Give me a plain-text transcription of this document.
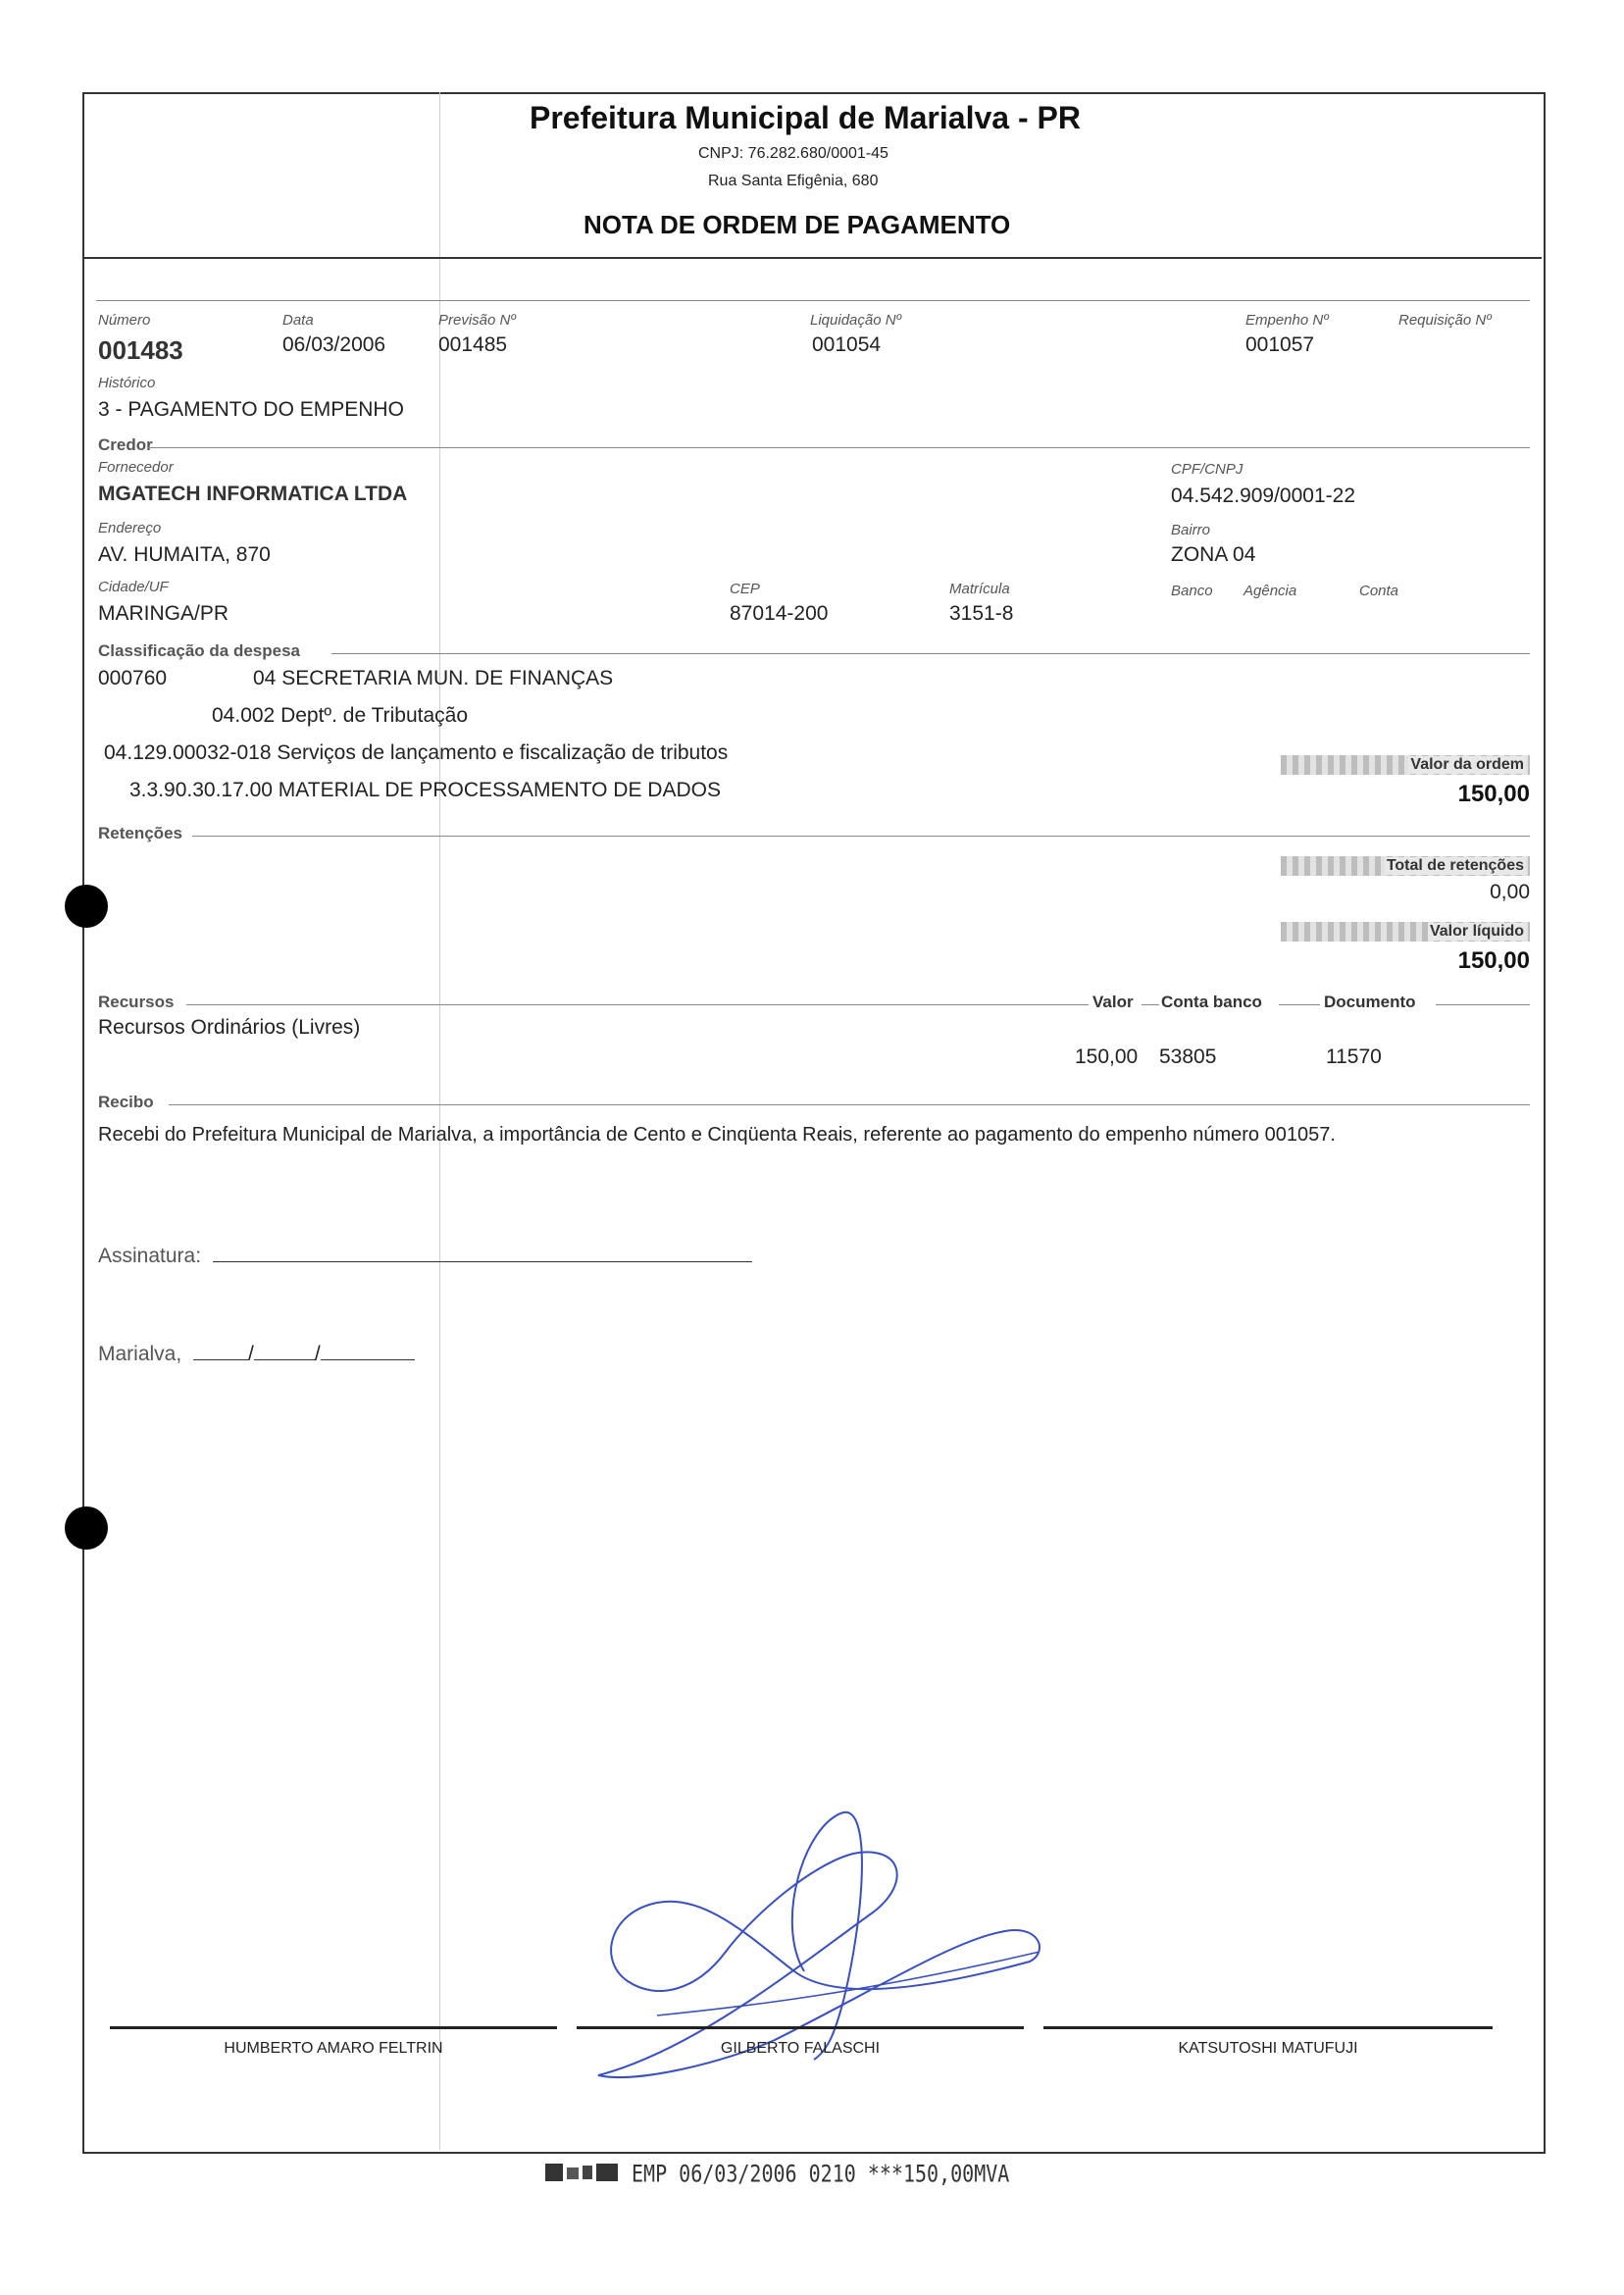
Prefeitura Municipal de Marialva - PR
CNPJ: 76.282.680/0001-45
Rua Santa Efigênia, 680
NOTA DE ORDEM DE PAGAMENTO
Número
001483
Data
06/03/2006
Previsão Nº
001485
Liquidação Nº
001054
Empenho Nº
001057
Requisição Nº
Histórico
3 - PAGAMENTO DO EMPENHO
Credor
Fornecedor
MGATECH INFORMATICA LTDA
CPF/CNPJ
04.542.909/0001-22
Endereço
AV. HUMAITA, 870
Bairro
ZONA 04
Cidade/UF
MARINGA/PR
CEP
87014-200
Matrícula
3151-8
Banco Agência	Conta
Classificação da despesa
000760	04 SECRETARIA MUN. DE FINANÇAS
04.002 Deptº. de Tributação
04.129.00032-018 Serviços de lançamento e fiscalização de tributos
3.3.90.30.17.00 MATERIAL DE PROCESSAMENTO DE DADOS
Valor da ordem
150,00
Retenções
Total de retenções
0,00
Valor líquido
150,00
Recursos	Valor Conta banco	Documento
Recursos Ordinários (Livres)
150,00 53805	11570
Recibo
Recebi do Prefeitura Municipal de Marialva, a importância de Cento e Cinqüenta Reais, referente ao pagamento do empenho número 001057.
Assinatura:
Marialva,	/	/
HUMBERTO AMARO FELTRIN	GILBERTO FALASCHI	KATSUTOSHI MATUFUJI
EMP 06/03/2006 0210 ***150,00MVA
